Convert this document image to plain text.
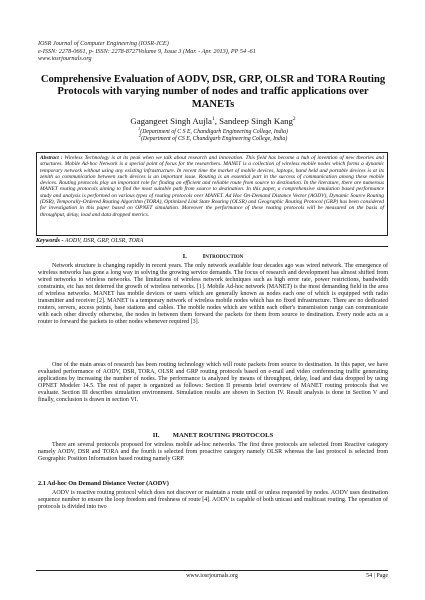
IOSR Journal of Computer Engineering (IOSR-JCE)
e-ISSN: 2278-0661, p- ISSN: 2278-8727Volume 9, Issue 3 (Mar. - Apr. 2013), PP 54 -61
www.iosrjournals.org
Comprehensive Evaluation of AODV, DSR, GRP, OLSR and TORA Routing Protocols with varying number of nodes and traffic applications over MANETs
Gagangeet Singh Aujla$^1$, Sandeep Singh Kang$^2$
$^1$(Department of C S E, Chandigarh Engineering College, India)
$^2$(Department of CS E, Chandigarh Engineering College, India)
Abstract : Wireless Technology is at its peak when we talk about research and innovation. This field has become a hub of invention of new theories and structures. Mobile Ad-hoc Network is a special point of focus for the researchers. MANET is a collection of wireless mobile nodes which forms a dynamic temporary network without using any existing infrastructure. In recent time the market of mobile devices, laptops, hand held and portable devices is at its zenith so communication between such devices is an important issue. Routing is an essential part in the success of communication among these mobile devices. Routing protocols play an important role for finding an efficient and reliable route from source to destination. In the literature, there are numerous MANET routing protocols aiming to find the most suitable path from source to destination. In this paper, a comprehensive simulation based performance study and analysis is performed on various types of routing protocols over MANET. Ad Hoc On-Demand Distance Vector (AODV), Dynamic Source Routing (DSR), Temporally-Ordered Routing Algorithm (TORA), Optimized Link State Routing (OLSR) and Geographic Routing Protocol (GRP) has been considered for investigation in this paper based on OPNET simulation. Moreover the performance of these routing protocols will be measured on the basis of throughput, delay, load and data dropped metrics.
Keywords - AODV, DSR, GRP, OLSR, TORA
I. Introduction
Network structure is changing rapidly in recent years. The only network available four decades ago was wired network. The emergence of wireless networks has gone a long way in solving the growing service demands. The focus of research and development has almost shifted from wired networks to wireless networks. The limitations of wireless network techniques such as high error rate, power restrictions, bandwidth constraints, etc has not deterred the growth of wireless networks. [1]. Mobile Ad-hoc network (MANET) is the most demanding field in the area of wireless networks. MANET has mobile devices or users which are generally known as nodes each one of which is equipped with radio transmitter and receiver [2]. MANET is a temporary network of wireless mobile nodes which has no fixed infrastructure. There are no dedicated routers, servers, access points, base stations and cables. The mobile nodes which are within each other's transmission range can communicate with each other directly otherwise, the nodes in between them forward the packets for them from source to destination. Every node acts as a router to forward the packets to other nodes whenever required [3].
One of the main areas of research has been routing technology which will route packets from source to destination. In this paper, we have evaluated performance of AODV, DSR, TORA, OLSR and GRP routing protocols based on e-mail and video conferencing traffic generating applications by increasing the number of nodes. The performance is analyzed by means of throughput, delay, load and data dropped by using OPNET Modeler 14.5. The rest of paper is organized as follows: Section II presents brief overview of MANET routing protocols that we evaluate. Section III describes simulation environment. Simulation results are shown in Section IV. Result analysis is done in Section V and finally, conclusion is drawn in section VI.
II. MANET ROUTING PROTOCOLS
There are several protocols proposed for wireless mobile ad-hoc networks. The first three protocols are selected from Reactive category namely AODV, DSR and TORA and the fourth is selected from proactive category namely OLSR whereas the last protocol is selected from Geographic Position Information based routing namely GRP.
2.1 Ad-hoc On Demand Distance Vector (AODV)
AODV is reactive routing protocol which does not discover or maintain a route until or unless requested by nodes. AODV uses destination sequence number to ensure the loop freedom and freshness of route [4]. AODV is capable of both unicast and multicast routing. The operation of protocols is divided into two
www.iosrjournals.org	54 | Page
